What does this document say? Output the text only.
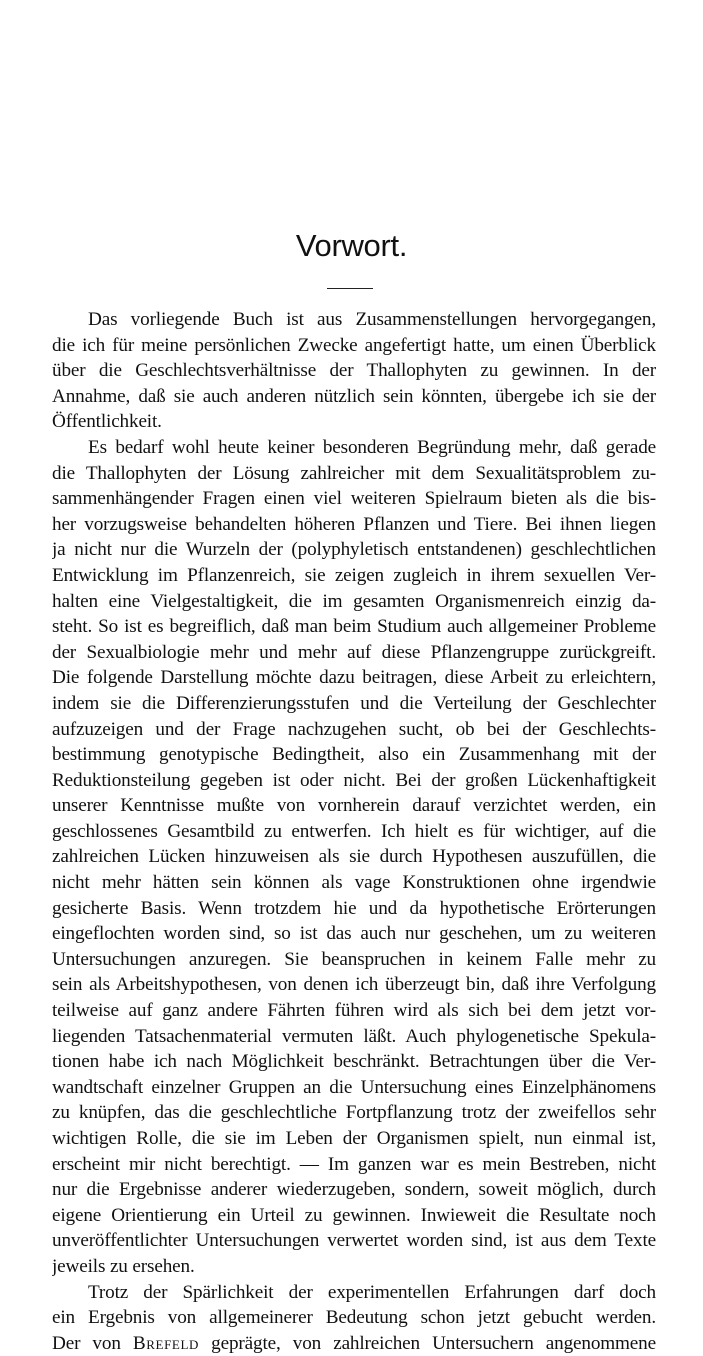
Vorwort.
Das vorliegende Buch ist aus Zusammenstellungen hervorgegangen,
die ich für meine persönlichen Zwecke angefertigt hatte, um einen Überblick
über die Geschlechtsverhältnisse der Thallophyten zu gewinnen. In der
Annahme, daß sie auch anderen nützlich sein könnten, übergebe ich sie der
Öffentlichkeit.
Es bedarf wohl heute keiner besonderen Begründung mehr, daß gerade
die Thallophyten der Lösung zahlreicher mit dem Sexualitätsproblem zu-
sammenhängender Fragen einen viel weiteren Spielraum bieten als die bis-
her vorzugsweise behandelten höheren Pflanzen und Tiere. Bei ihnen liegen
ja nicht nur die Wurzeln der (polyphyletisch entstandenen) geschlechtlichen
Entwicklung im Pflanzenreich, sie zeigen zugleich in ihrem sexuellen Ver-
halten eine Vielgestaltigkeit, die im gesamten Organismenreich einzig da-
steht. So ist es begreiflich, daß man beim Studium auch allgemeiner Probleme
der Sexualbiologie mehr und mehr auf diese Pflanzengruppe zurückgreift.
Die folgende Darstellung möchte dazu beitragen, diese Arbeit zu erleichtern,
indem sie die Differenzierungsstufen und die Verteilung der Geschlechter
aufzuzeigen und der Frage nachzugehen sucht, ob bei der Geschlechts-
bestimmung genotypische Bedingtheit, also ein Zusammenhang mit der
Reduktionsteilung gegeben ist oder nicht. Bei der großen Lückenhaftigkeit
unserer Kenntnisse mußte von vornherein darauf verzichtet werden, ein
geschlossenes Gesamtbild zu entwerfen. Ich hielt es für wichtiger, auf die
zahlreichen Lücken hinzuweisen als sie durch Hypothesen auszufüllen, die
nicht mehr hätten sein können als vage Konstruktionen ohne irgendwie
gesicherte Basis. Wenn trotzdem hie und da hypothetische Erörterungen
eingeflochten worden sind, so ist das auch nur geschehen, um zu weiteren
Untersuchungen anzuregen. Sie beanspruchen in keinem Falle mehr zu
sein als Arbeitshypothesen, von denen ich überzeugt bin, daß ihre Verfolgung
teilweise auf ganz andere Fährten führen wird als sich bei dem jetzt vor-
liegenden Tatsachenmaterial vermuten läßt. Auch phylogenetische Spekula-
tionen habe ich nach Möglichkeit beschränkt. Betrachtungen über die Ver-
wandtschaft einzelner Gruppen an die Untersuchung eines Einzelphänomens
zu knüpfen, das die geschlechtliche Fortpflanzung trotz der zweifellos sehr
wichtigen Rolle, die sie im Leben der Organismen spielt, nun einmal ist,
erscheint mir nicht berechtigt. — Im ganzen war es mein Bestreben, nicht
nur die Ergebnisse anderer wiederzugeben, sondern, soweit möglich, durch
eigene Orientierung ein Urteil zu gewinnen. Inwieweit die Resultate noch
unveröffentlichter Untersuchungen verwertet worden sind, ist aus dem Texte
jeweils zu ersehen.
Trotz der Spärlichkeit der experimentellen Erfahrungen darf doch
ein Ergebnis von allgemeinerer Bedeutung schon jetzt gebucht werden.
Der von Brefeld geprägte, von zahlreichen Untersuchern angenommene
